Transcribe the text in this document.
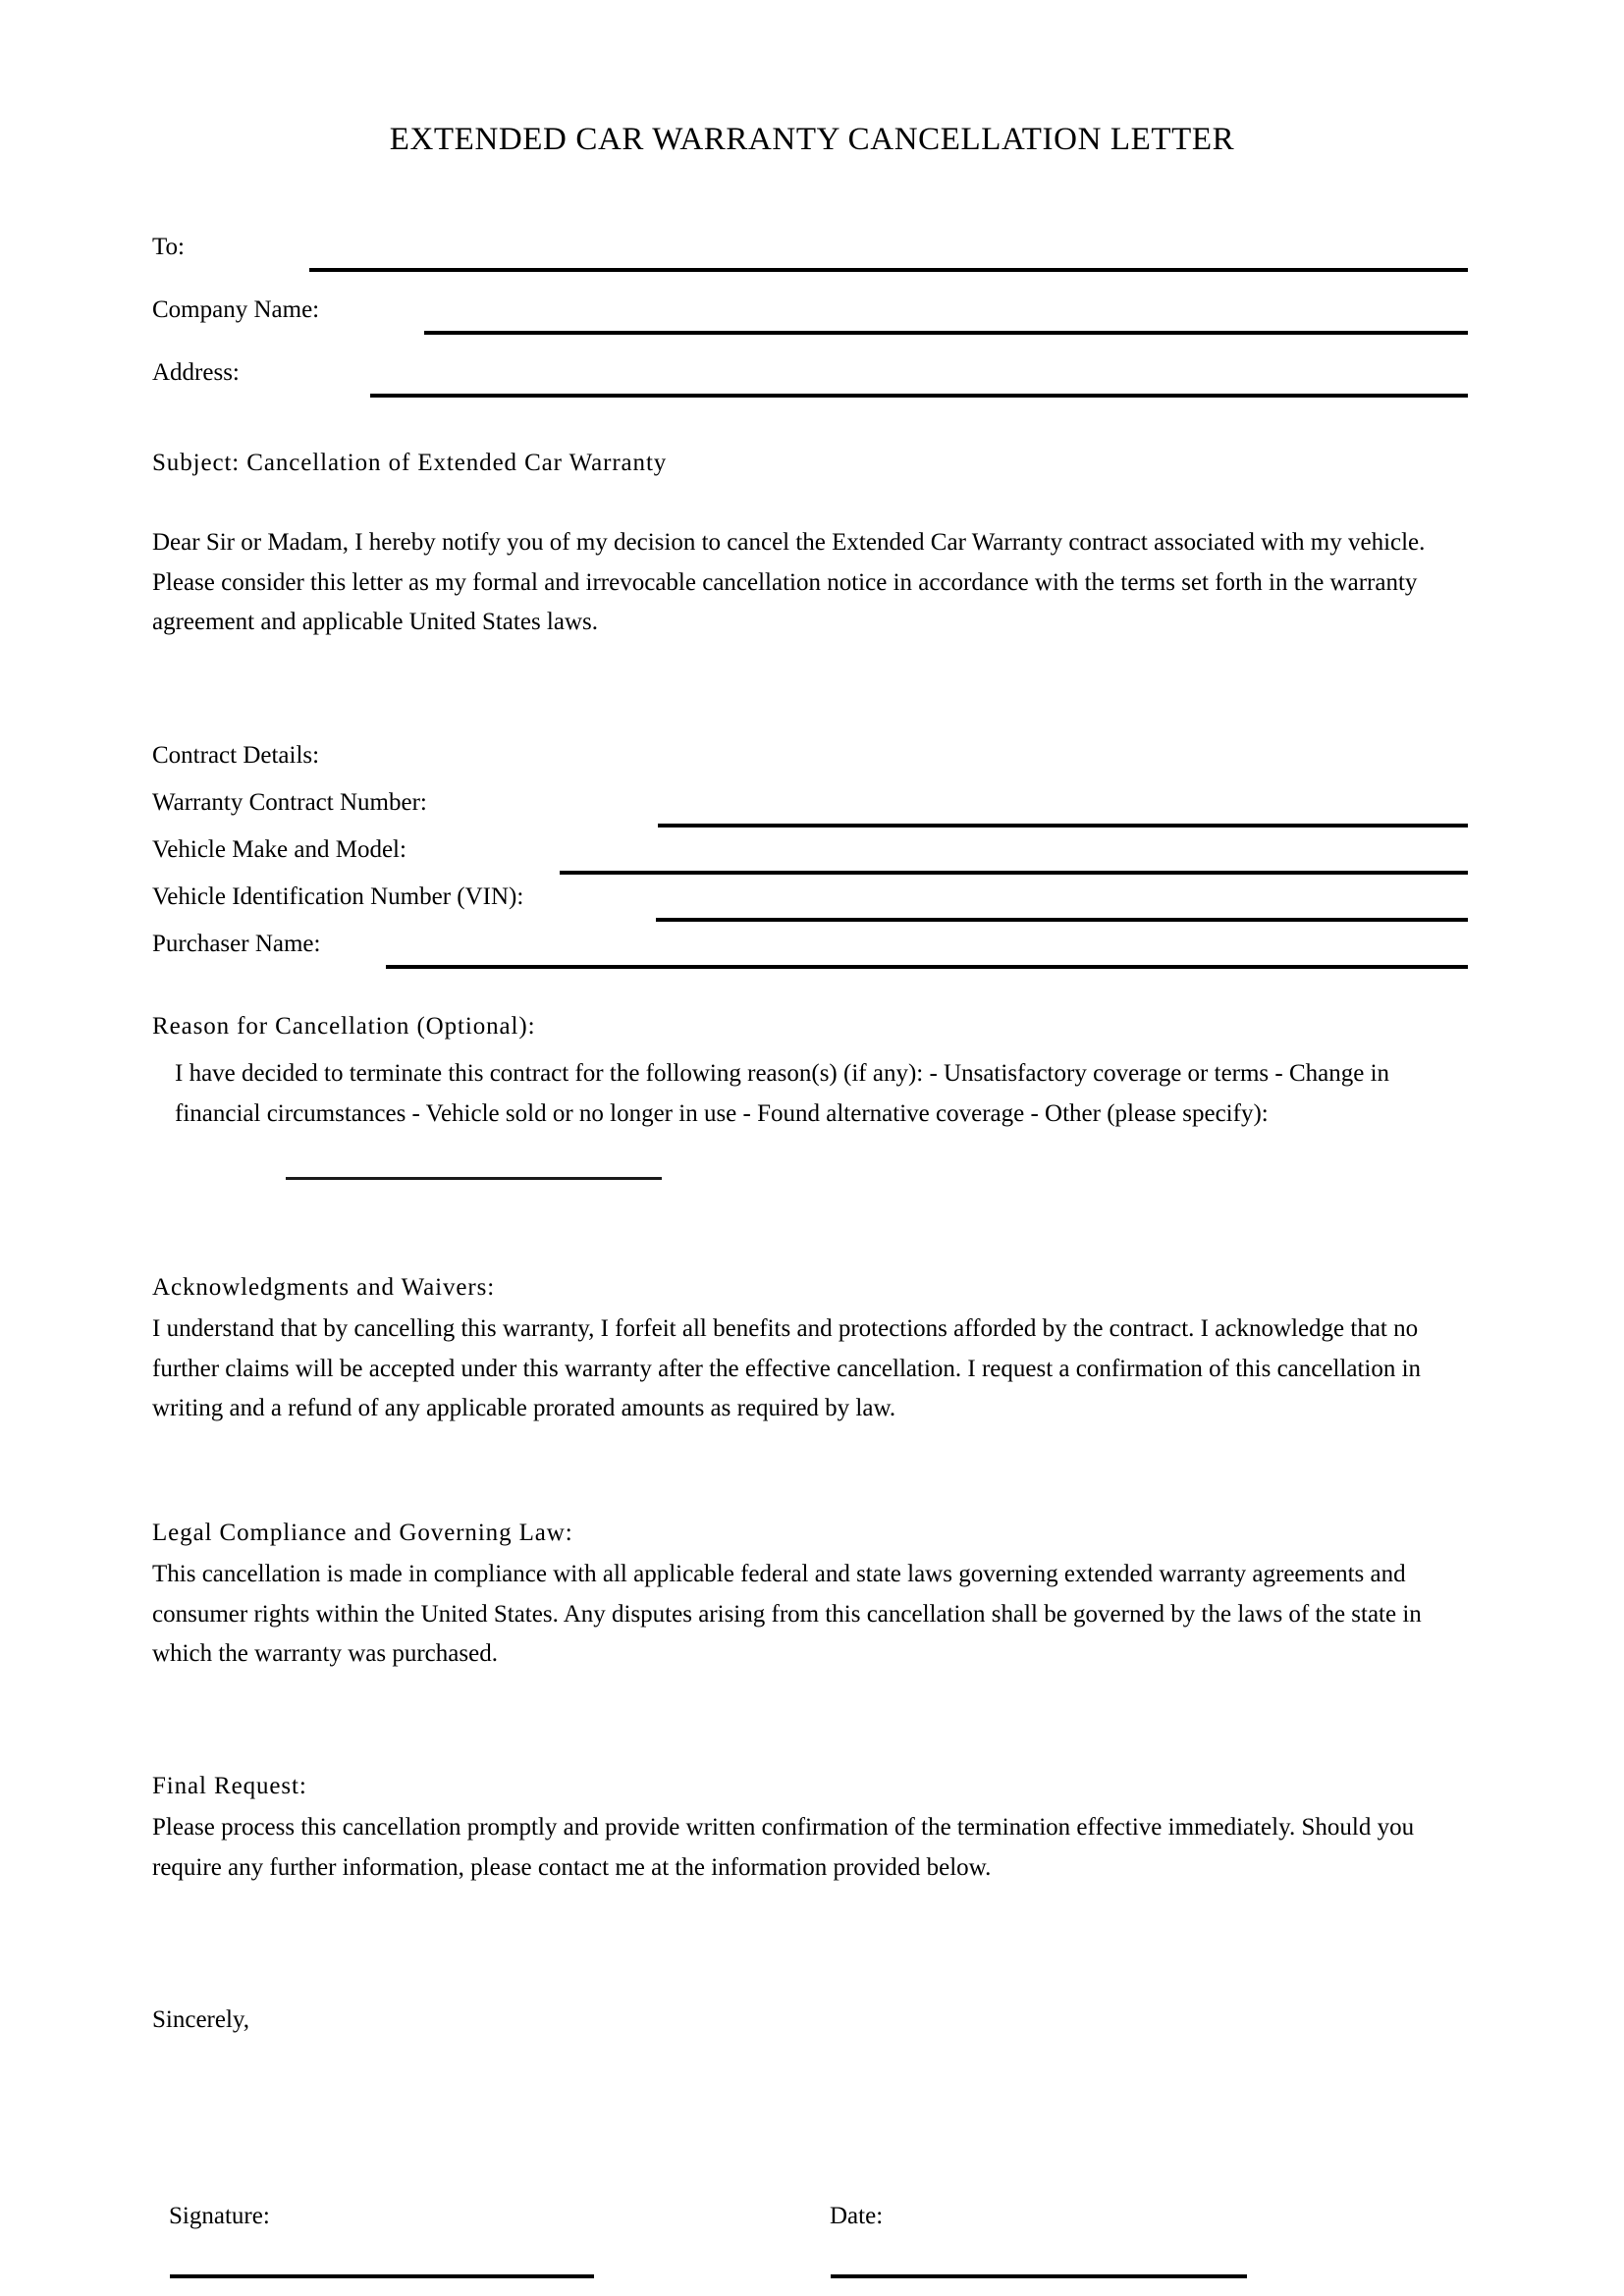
EXTENDED CAR WARRANTY CANCELLATION LETTER
To:
Company Name:
Address:
Subject: Cancellation of Extended Car Warranty
Dear Sir or Madam, I hereby notify you of my decision to cancel the Extended Car Warranty contract associated with my vehicle. Please consider this letter as my formal and irrevocable cancellation notice in accordance with the terms set forth in the warranty agreement and applicable United States laws.
Contract Details:
Warranty Contract Number:
Vehicle Make and Model:
Vehicle Identification Number (VIN):
Purchaser Name:
Reason for Cancellation (Optional):
I have decided to terminate this contract for the following reason(s) (if any): - Unsatisfactory coverage or terms - Change in financial circumstances - Vehicle sold or no longer in use - Found alternative coverage - Other (please specify):
Acknowledgments and Waivers:
I understand that by cancelling this warranty, I forfeit all benefits and protections afforded by the contract. I acknowledge that no further claims will be accepted under this warranty after the effective cancellation. I request a confirmation of this cancellation in writing and a refund of any applicable prorated amounts as required by law.
Legal Compliance and Governing Law:
This cancellation is made in compliance with all applicable federal and state laws governing extended warranty agreements and consumer rights within the United States. Any disputes arising from this cancellation shall be governed by the laws of the state in which the warranty was purchased.
Final Request:
Please process this cancellation promptly and provide written confirmation of the termination effective immediately. Should you require any further information, please contact me at the information provided below.
Sincerely,
Signature:	Date:
